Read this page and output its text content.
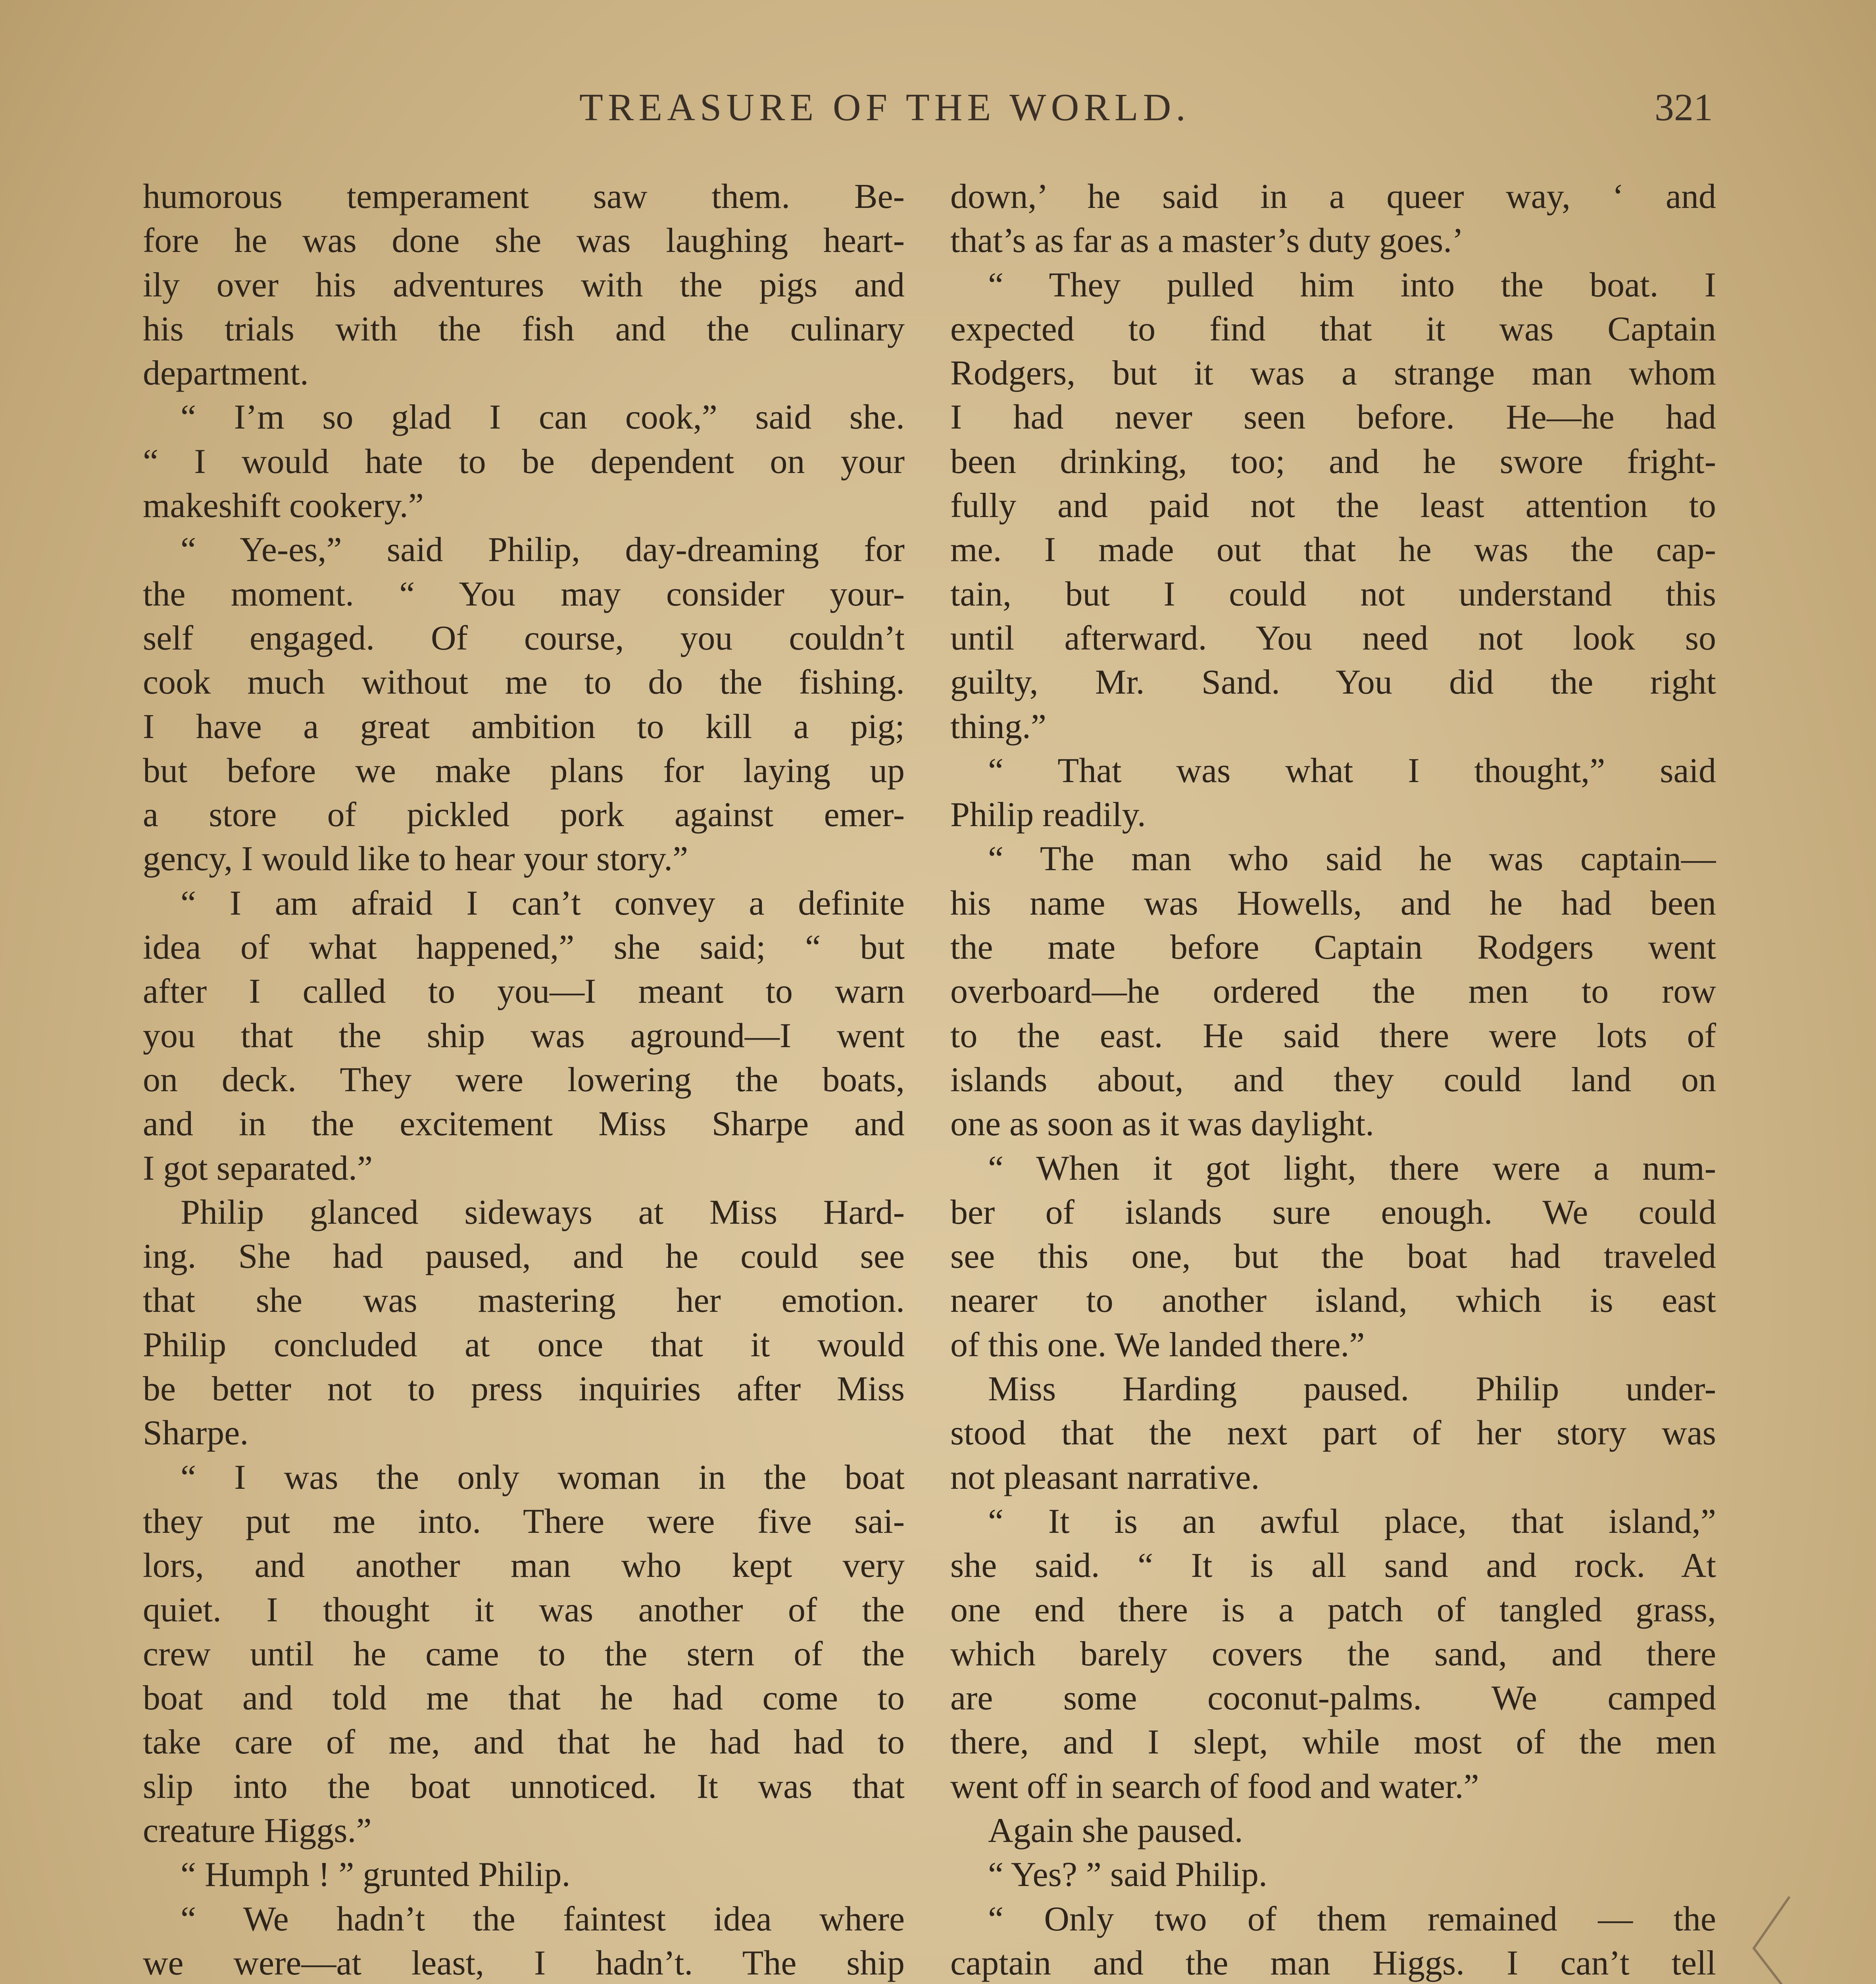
TREASURE OF THE WORLD.	321
humorous temperament saw them. Be-
fore he was done she was laughing heart-
ily over his adventures with the pigs and
his trials with the fish and the culinary
department.
“ I’m so glad I can cook,” said she.
“ I would hate to be dependent on your
makeshift cookery.”
“ Ye-es,” said Philip, day-dreaming for
the moment. “ You may consider your-
self engaged. Of course, you couldn’t
cook much without me to do the fishing.
I have a great ambition to kill a pig;
but before we make plans for laying up
a store of pickled pork against emer-
gency, I would like to hear your story.”
“ I am afraid I can’t convey a definite
idea of what happened,” she said; “ but
after I called to you—I meant to warn
you that the ship was aground—I went
on deck. They were lowering the boats,
and in the excitement Miss Sharpe and
I got separated.”
Philip glanced sideways at Miss Hard-
ing. She had paused, and he could see
that she was mastering her emotion.
Philip concluded at once that it would
be better not to press inquiries after Miss
Sharpe.
“ I was the only woman in the boat
they put me into. There were five sai-
lors, and another man who kept very
quiet. I thought it was another of the
crew until he came to the stern of the
boat and told me that he had come to
take care of me, and that he had had to
slip into the boat unnoticed. It was that
creature Higgs.”
“ Humph ! ” grunted Philip.
“ We hadn’t the faintest idea where
we were—at least, I hadn’t. The ship
down,’ he said in a queer way, ‘ and
that’s as far as a master’s duty goes.’
“ They pulled him into the boat. I
expected to find that it was Captain
Rodgers, but it was a strange man whom
I had never seen before. He—he had
been drinking, too; and he swore fright-
fully and paid not the least attention to
me. I made out that he was the cap-
tain, but I could not understand this
until afterward. You need not look so
guilty, Mr. Sand. You did the right
thing.”
“ That was what I thought,” said
Philip readily.
“ The man who said he was captain—
his name was Howells, and he had been
the mate before Captain Rodgers went
overboard—he ordered the men to row
to the east. He said there were lots of
islands about, and they could land on
one as soon as it was daylight.
“ When it got light, there were a num-
ber of islands sure enough. We could
see this one, but the boat had traveled
nearer to another island, which is east
of this one. We landed there.”
Miss Harding paused. Philip under-
stood that the next part of her story was
not pleasant narrative.
“ It is an awful place, that island,”
she said. “ It is all sand and rock. At
one end there is a patch of tangled grass,
which barely covers the sand, and there
are some coconut-palms. We camped
there, and I slept, while most of the men
went off in search of food and water.”
Again she paused.
“ Yes? ” said Philip.
“ Only two of them remained — the
captain and the man Higgs. I can’t tell
